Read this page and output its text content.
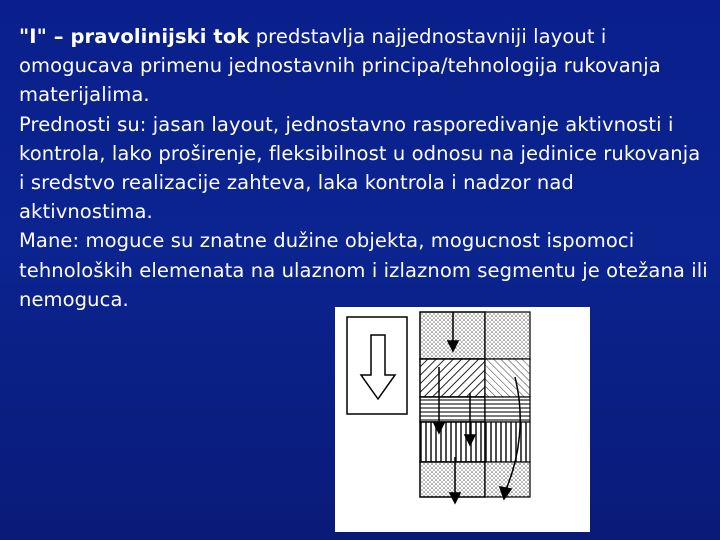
"I" – pravolinijski tok predstavlja najjednostavniji layout i omogucava primenu jednostavnih principa/tehnologija rukovanja materijalima.

Prednosti su: jasan layout, jednostavno rasporedivanje aktivnosti i kontrola, lako proširenje, fleksibilnost u odnosu na jedinice rukovanja i sredstvo realizacije zahteva, laka kontrola i nadzor nad aktivnostima.

Mane: moguce su znatne dužine objekta, mogucnost ispomoci tehnoloških elemenata na ulaznom i izlaznom segmentu je otežana ili nemoguca.
